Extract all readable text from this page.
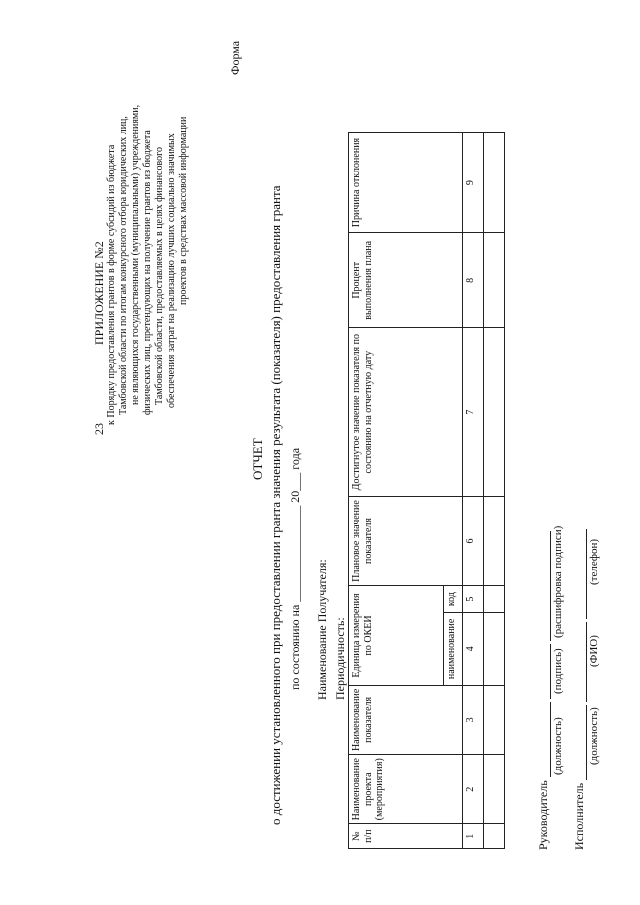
23
ПРИЛОЖЕНИЕ №2 к Порядку предоставления грантов в форме субсидий из бюджета Тамбовской области по итогам конкурсного отбора юридических лиц, не являющихся государственными (муниципальными) учреждениями, физических лиц, претендующих на получение грантов из бюджета Тамбовской области, предоставляемых в целях финансового обеспечения затрат на реализацию лучших социально значимых проектов в средствах массовой информации
Форма
ОТЧЕТ о достижении установленного при предоставлении гранта значения результата (показателя) предоставления гранта по состоянию на ________________ 20___ года Наименование Получателя: Периодичность:
№ п/п	Наименование проекта (мероприятия)	Наименование показателя	Единица измерения по ОКЕИ		Плановое значение показателя	Достигнутое значение показателя по состоянию на отчетную дату	Процент выполнения плана	Причина отклонения
			наименование	код				
1	2	3	4	5	6	7	8	9

Руководитель
(должность)
(подпись)
(расшифровка подписи)
Исполнитель
(должность)
(ФИО)
(телефон)
